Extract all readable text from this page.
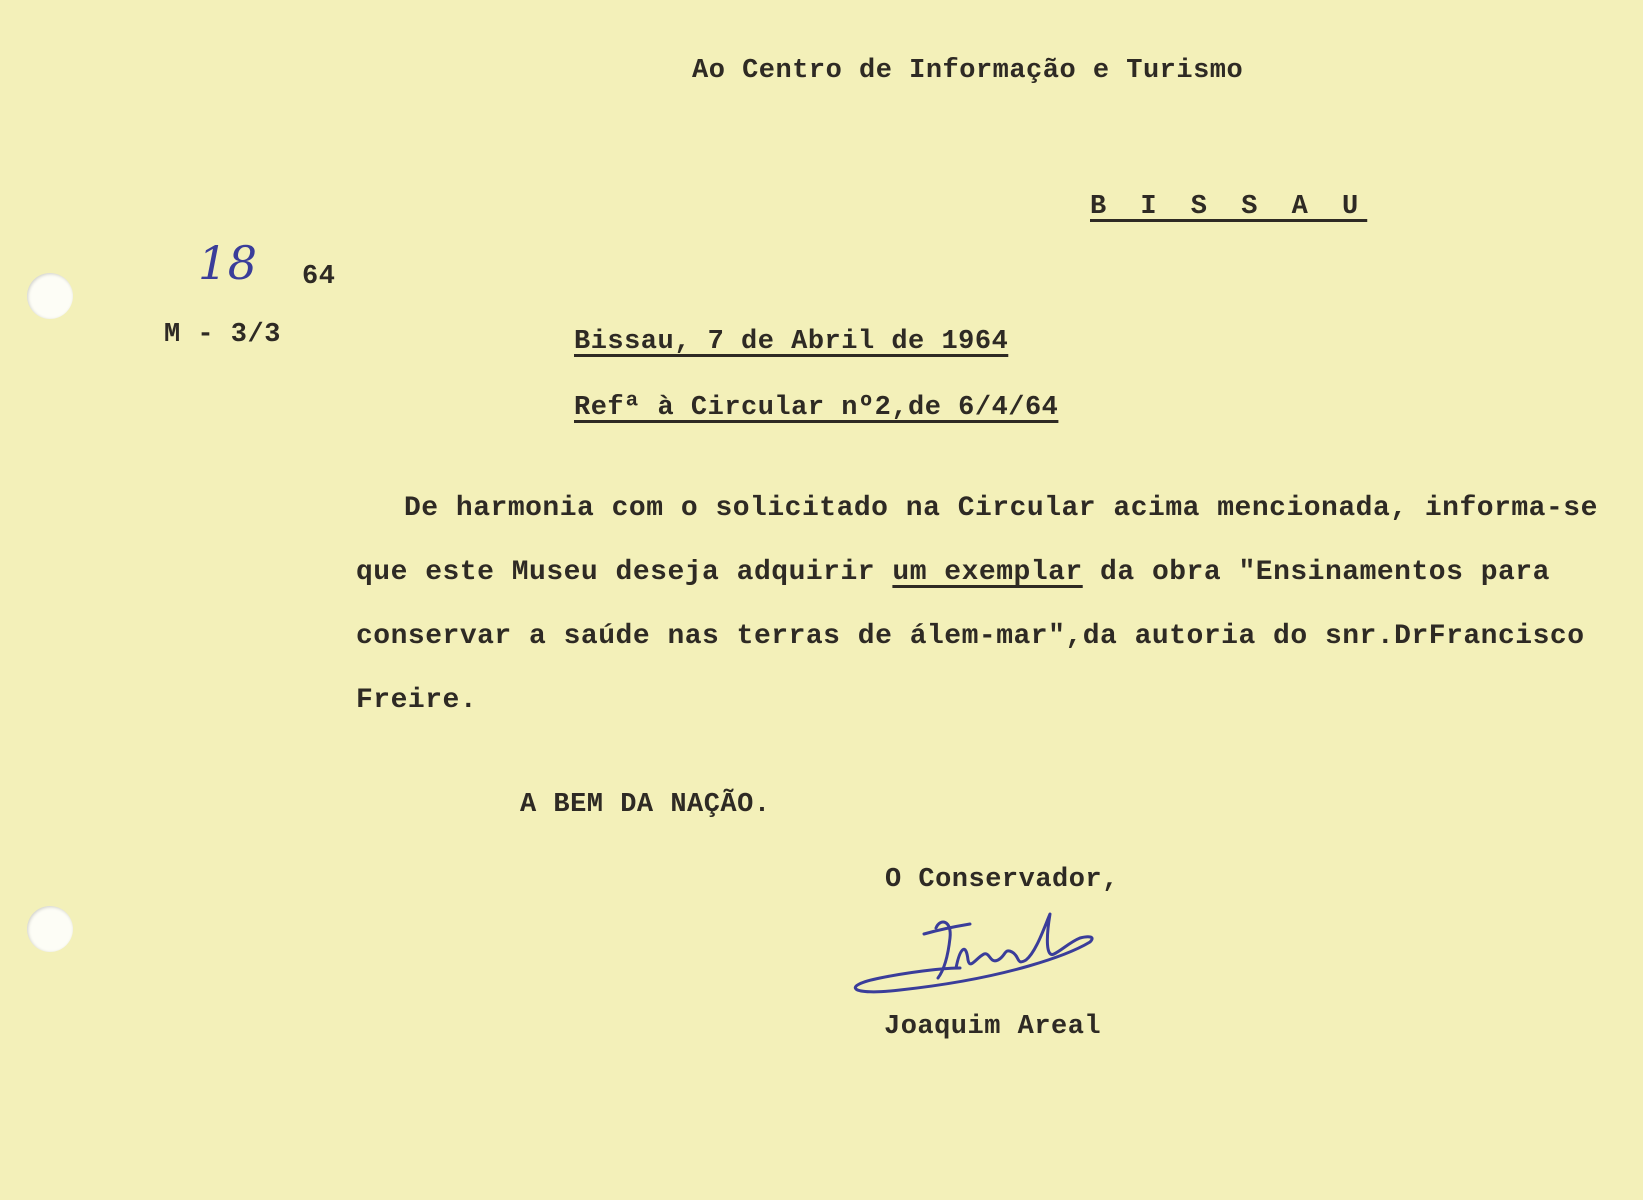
Ao Centro de Informação e Turismo
B I S S A U
18 64
M - 3/3	Bissau, 7 de Abril de 1964
Refª à Circular nº2,de 6/4/64
De harmonia com o solicitado na Circular acima mencionada, informa-se
que este Museu deseja adquirir um exemplar da obra "Ensinamentos para
conservar a saúde nas terras de álem-mar",da autoria do snr.DrFrancisco
Freire.
A BEM DA NAÇÃO.
O Conservador,
Joaquim Areal
